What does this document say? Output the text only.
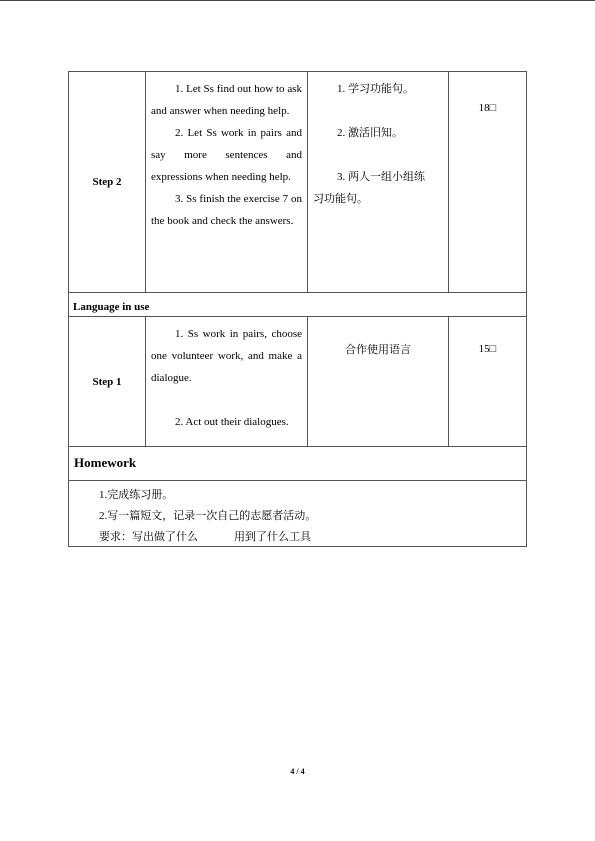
Step 2

1. Let Ss find out how to ask and answer when needing help.

2. Let Ss work in pairs and say more sentences and expressions when needing help.

3. Ss finish the exercise 7 on the book and check the answers.

1. 学习功能句。
2. 激活旧知。
3. 两人一组小组练
习功能句。
18□
Language in use
Step 1

1. Ss work in pairs, choose one volunteer work, and make a dialogue.

2. Act out their dialogues.

合作使用语言	15□
Homework
1.完成练习册。
2.写一篇短文，记录一次自己的志愿者活动。
要求：写出做了什么	用到了什么工具
4 / 4
